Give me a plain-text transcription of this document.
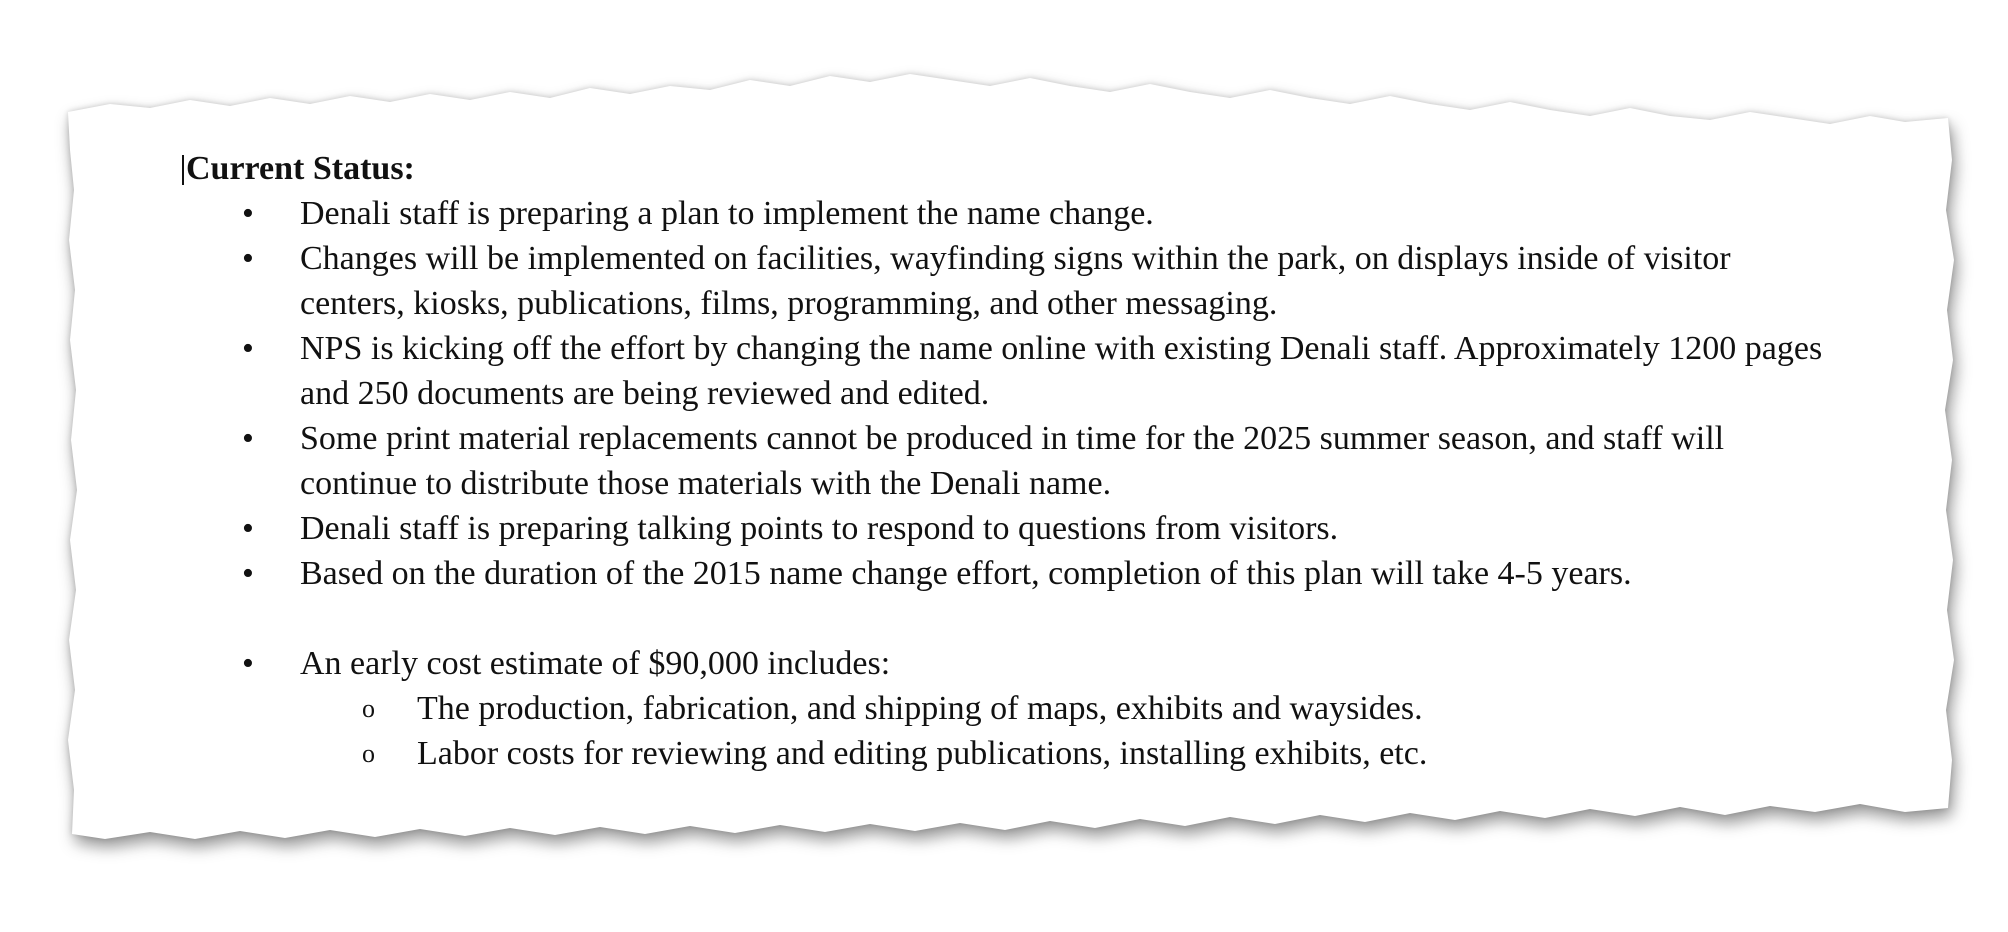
Current Status:
• Denali staff is preparing a plan to implement the name change.
• Changes will be implemented on facilities, wayfinding signs within the park, on displays inside of visitor centers, kiosks, publications, films, programming, and other messaging.
• NPS is kicking off the effort by changing the name online with existing Denali staff. Approximately 1200 pages and 250 documents are being reviewed and edited.
• Some print material replacements cannot be produced in time for the 2025 summer season, and staff will continue to distribute those materials with the Denali name.
• Denali staff is preparing talking points to respond to questions from visitors.
• Based on the duration of the 2015 name change effort, completion of this plan will take 4-5 years.
• An early cost estimate of $90,000 includes:
o The production, fabrication, and shipping of maps, exhibits and waysides.
o Labor costs for reviewing and editing publications, installing exhibits, etc.
